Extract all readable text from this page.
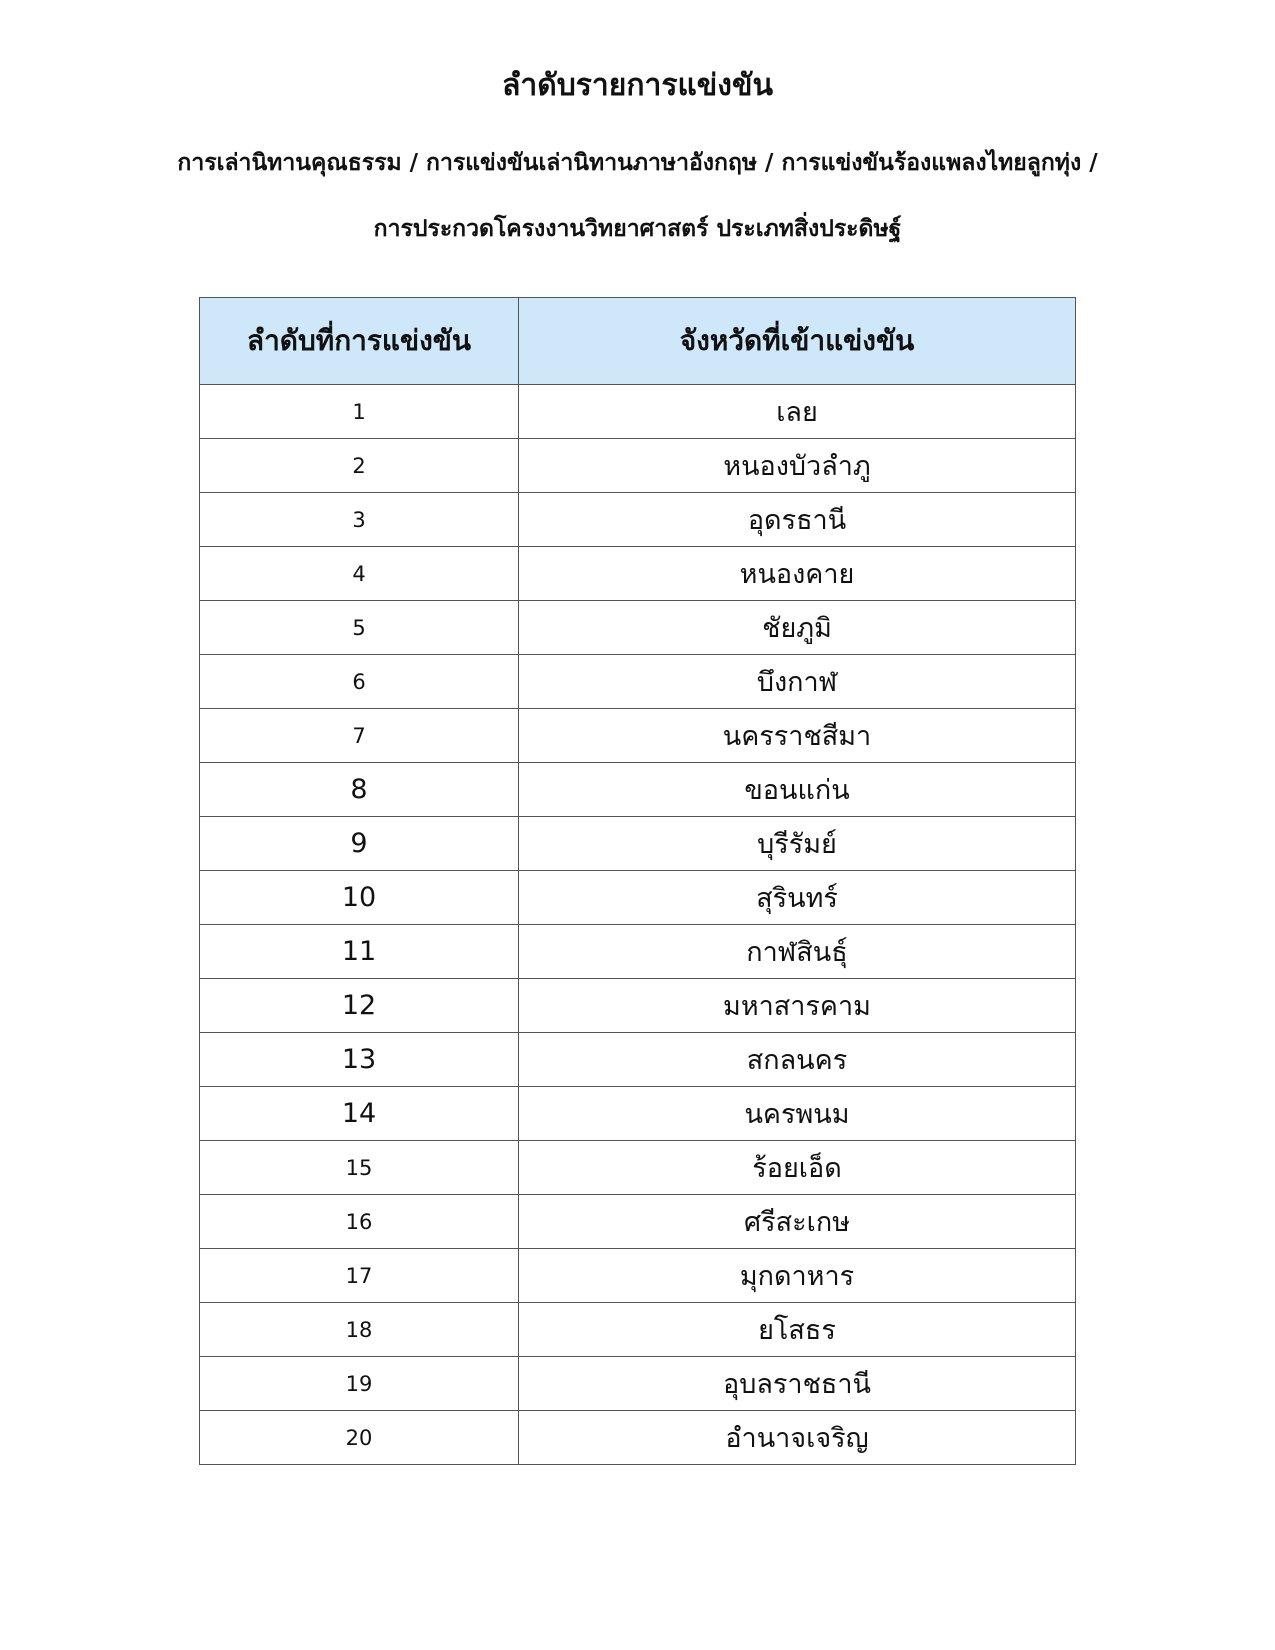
ลำดับรายการแข่งขัน
การเล่านิทานคุณธรรม / การแข่งขันเล่านิทานภาษาอังกฤษ / การแข่งขันร้องแพลงไทยลูกทุ่ง /
การประกวดโครงงานวิทยาศาสตร์ ประเภทสิ่งประดิษฐ์
ลำดับที่การแข่งขัน	จังหวัดที่เข้าแข่งขัน
1	เลย
2	หนองบัวลำภู
3	อุดรธานี
4	หนองคาย
5	ชัยภูมิ
6	บึงกาฬ
7	นครราชสีมา
8	ขอนแก่น
9	บุรีรัมย์
10	สุรินทร์
11	กาฬสินธุ์
12	มหาสารคาม
13	สกลนคร
14	นครพนม
15	ร้อยเอ็ด
16	ศรีสะเกษ
17	มุกดาหาร
18	ยโสธร
19	อุบลราชธานี
20	อำนาจเจริญ
